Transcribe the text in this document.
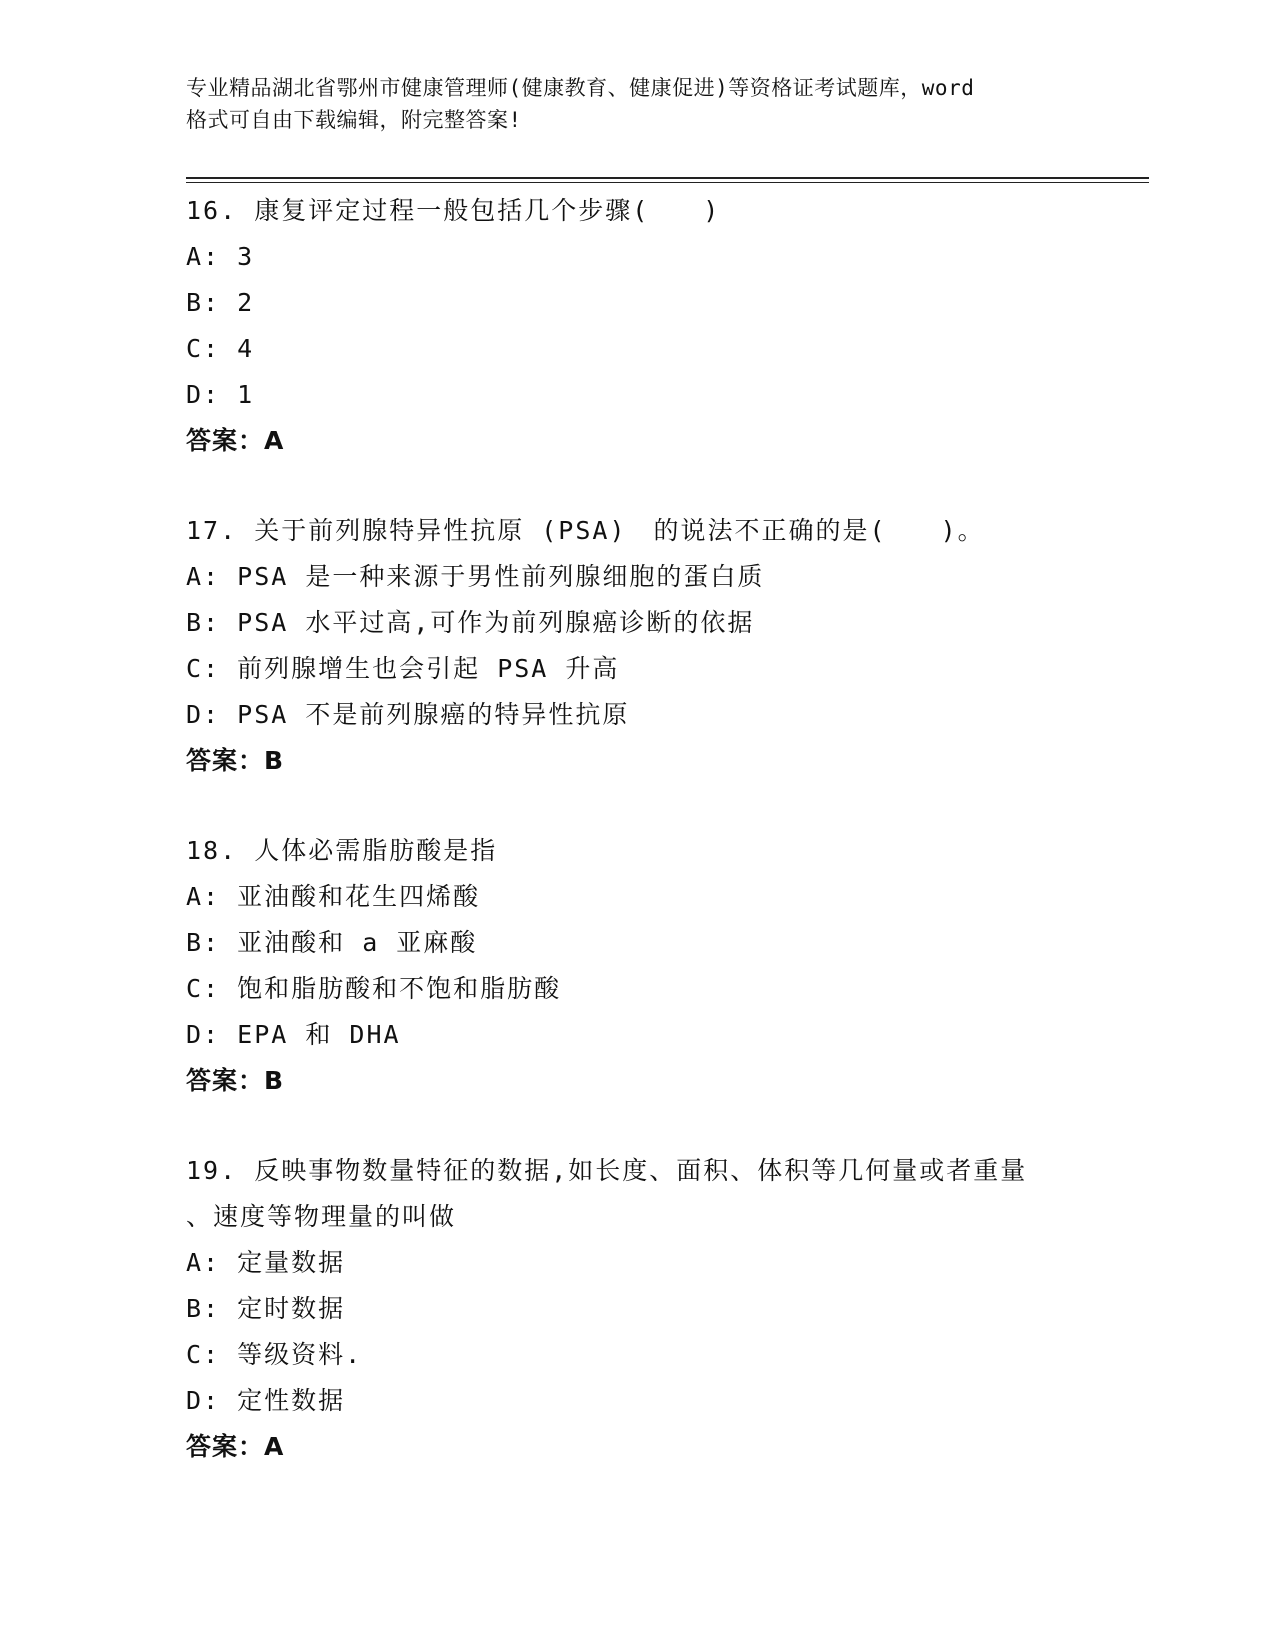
专业精品湖北省鄂州市健康管理师(健康教育、健康促进)等资格证考试题库，word
格式可自由下载编辑，附完整答案!
16. 康复评定过程一般包括几个步骤(　　)
A: 3
B: 2
C: 4
D: 1
答案：A
17. 关于前列腺特异性抗原 (PSA)　的说法不正确的是(　　)。
A: PSA 是一种来源于男性前列腺细胞的蛋白质
B: PSA 水平过高,可作为前列腺癌诊断的依据
C: 前列腺增生也会引起 PSA 升高
D: PSA 不是前列腺癌的特异性抗原
答案：B
18. 人体必需脂肪酸是指
A: 亚油酸和花生四烯酸
B: 亚油酸和 a 亚麻酸
C: 饱和脂肪酸和不饱和脂肪酸
D: EPA 和 DHA
答案：B
19. 反映事物数量特征的数据,如长度、面积、体积等几何量或者重量
、速度等物理量的叫做
A: 定量数据
B: 定时数据
C: 等级资料.
D: 定性数据
答案：A
